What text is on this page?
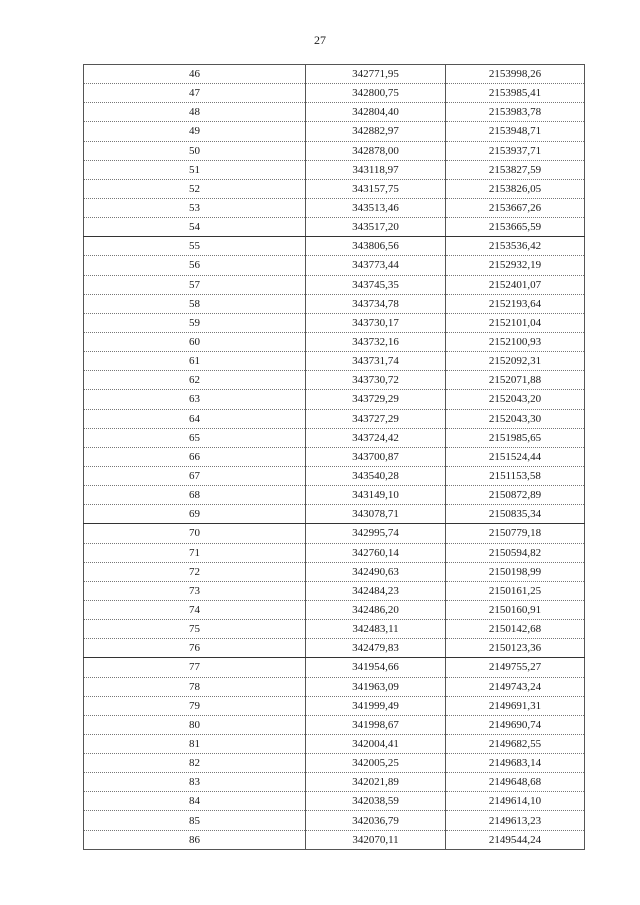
27
46	342771,95	2153998,26
47	342800,75	2153985,41
48	342804,40	2153983,78
49	342882,97	2153948,71
50	342878,00	2153937,71
51	343118,97	2153827,59
52	343157,75	2153826,05
53	343513,46	2153667,26
54	343517,20	2153665,59
55	343806,56	2153536,42
56	343773,44	2152932,19
57	343745,35	2152401,07
58	343734,78	2152193,64
59	343730,17	2152101,04
60	343732,16	2152100,93
61	343731,74	2152092,31
62	343730,72	2152071,88
63	343729,29	2152043,20
64	343727,29	2152043,30
65	343724,42	2151985,65
66	343700,87	2151524,44
67	343540,28	2151153,58
68	343149,10	2150872,89
69	343078,71	2150835,34
70	342995,74	2150779,18
71	342760,14	2150594,82
72	342490,63	2150198,99
73	342484,23	2150161,25
74	342486,20	2150160,91
75	342483,11	2150142,68
76	342479,83	2150123,36
77	341954,66	2149755,27
78	341963,09	2149743,24
79	341999,49	2149691,31
80	341998,67	2149690,74
81	342004,41	2149682,55
82	342005,25	2149683,14
83	342021,89	2149648,68
84	342038,59	2149614,10
85	342036,79	2149613,23
86	342070,11	2149544,24
